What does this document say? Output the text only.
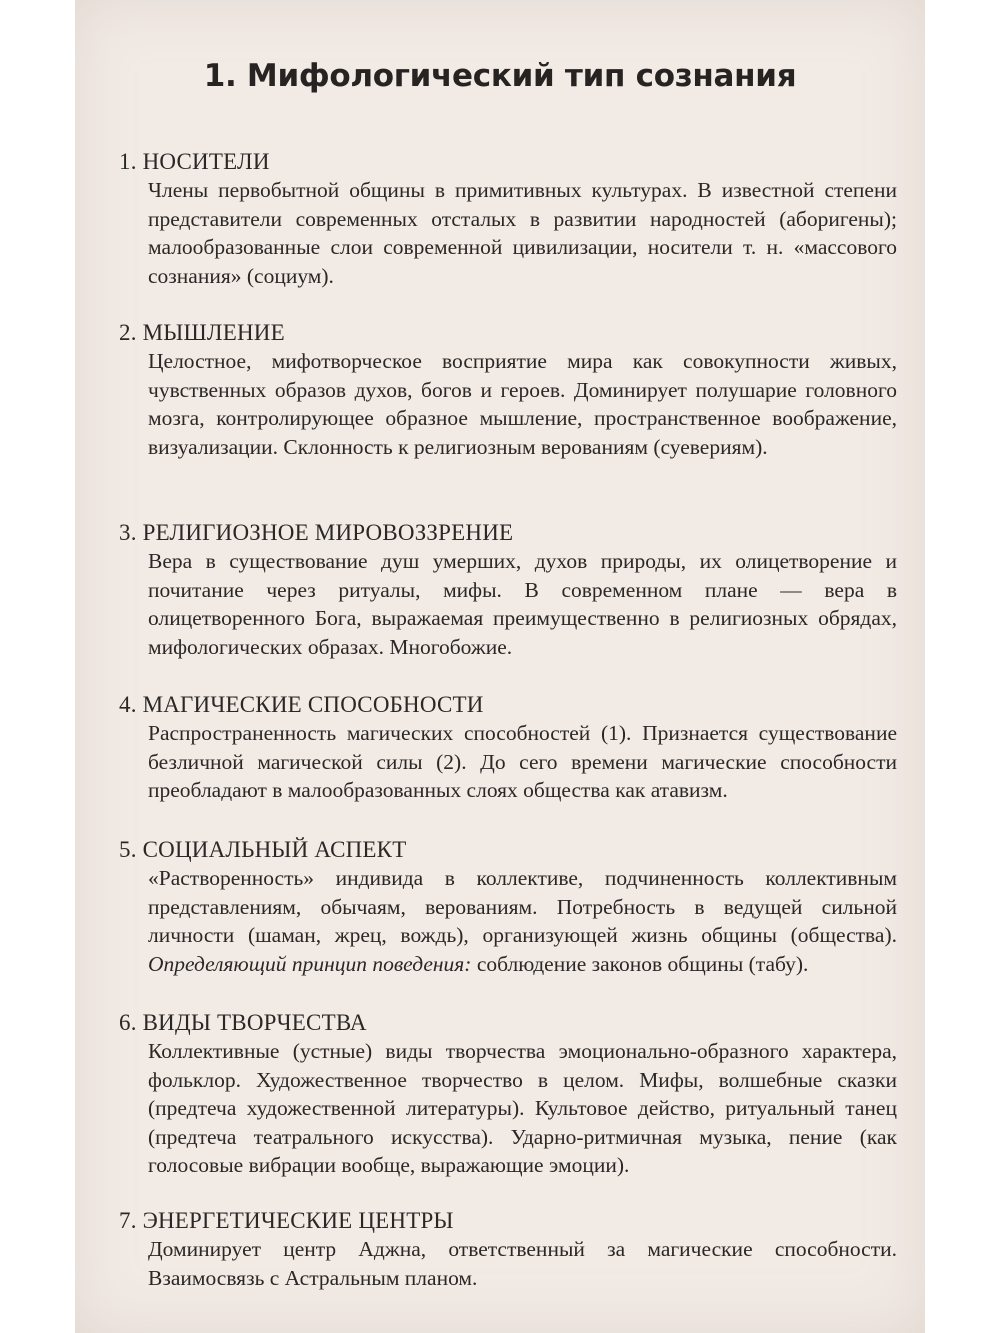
1. Мифологический тип сознания
1. НОСИТЕЛИ
Члены первобытной общины в примитивных культурах. В известной степени представители современных отсталых в развитии народностей (аборигены); малообразованные слои современной цивилизации, носители т. н. «массового сознания» (социум).
2. МЫШЛЕНИЕ
Целостное, мифотворческое восприятие мира как совокупности живых, чувственных образов духов, богов и героев. Доминирует полушарие головного мозга, контролирующее образное мышление, пространственное воображение, визуализации. Склонность к религиозным верованиям (суевериям).
3. РЕЛИГИОЗНОЕ МИРОВОЗЗРЕНИЕ
Вера в существование душ умерших, духов природы, их олицетворение и почитание через ритуалы, мифы. В современном плане — вера в олицетворенного Бога, выражаемая преимущественно в религиозных обрядах, мифологических образах. Многобожие.
4. МАГИЧЕСКИЕ СПОСОБНОСТИ
Распространенность магических способностей (1). Признается существование безличной магической силы (2). До сего времени магические способности преобладают в малообразованных слоях общества как атавизм.
5. СОЦИАЛЬНЫЙ АСПЕКТ
«Растворенность» индивида в коллективе, подчиненность коллективным представлениям, обычаям, верованиям. Потребность в ведущей сильной личности (шаман, жрец, вождь), организующей жизнь общины (общества). Определяющий принцип поведения: соблюдение законов общины (табу).
6. ВИДЫ ТВОРЧЕСТВА
Коллективные (устные) виды творчества эмоционально-образного характера, фольклор. Художественное творчество в целом. Мифы, волшебные сказки (предтеча художественной литературы). Культовое действо, ритуальный танец (предтеча театрального искусства). Ударно-ритмичная музыка, пение (как голосовые вибрации вообще, выражающие эмоции).
7. ЭНЕРГЕТИЧЕСКИЕ ЦЕНТРЫ
Доминирует центр Аджна, ответственный за магические способности. Взаимосвязь с Астральным планом.
